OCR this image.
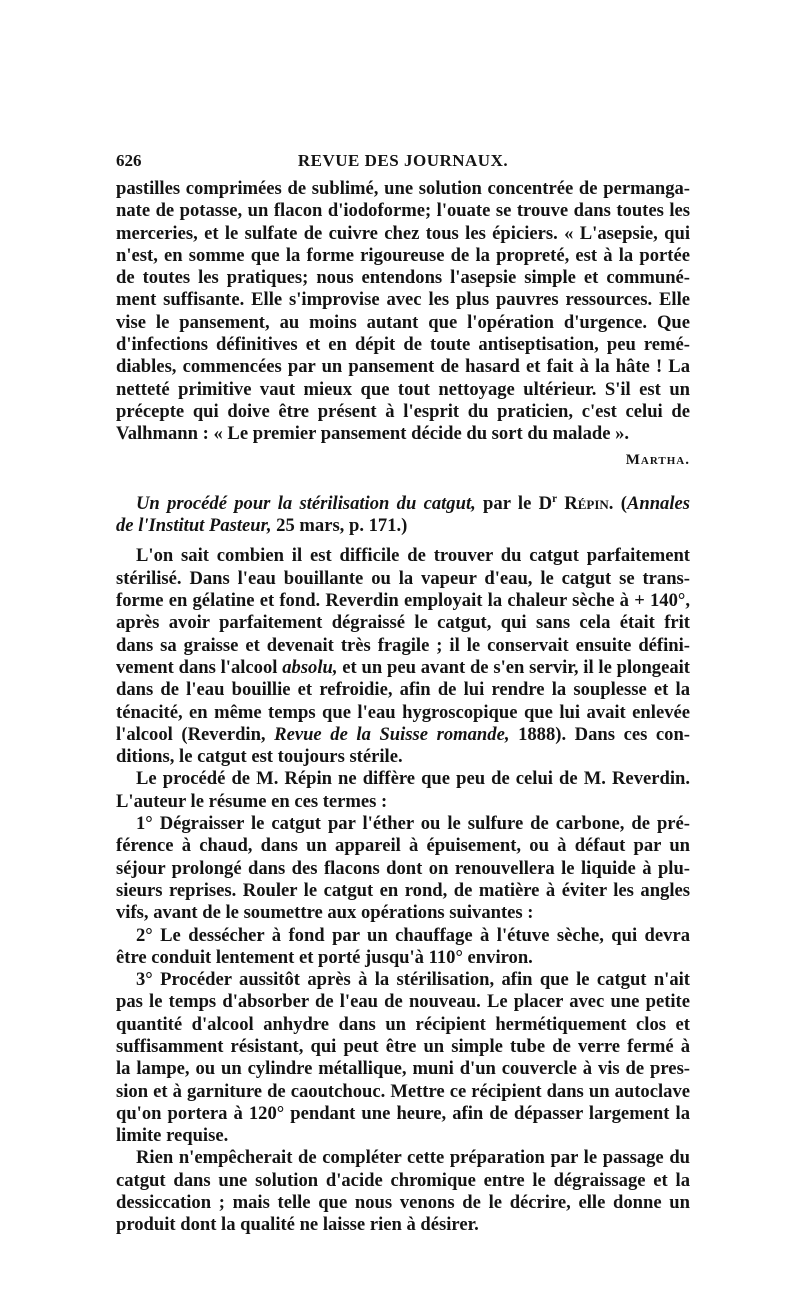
626	REVUE DES JOURNAUX.

pastilles comprimées de sublimé, une solution concentrée de permanga-
nate de potasse, un flacon d'iodoforme; l'ouate se trouve dans toutes les
merceries, et le sulfate de cuivre chez tous les épiciers. « L'asepsie, qui
n'est, en somme que la forme rigoureuse de la propreté, est à la portée
de toutes les pratiques; nous entendons l'asepsie simple et communé-
ment suffisante. Elle s'improvise avec les plus pauvres ressources. Elle
vise le pansement, au moins autant que l'opération d'urgence. Que
d'infections définitives et en dépit de toute antiseptisation, peu remé-
diables, commencées par un pansement de hasard et fait à la hâte ! La
netteté primitive vaut mieux que tout nettoyage ultérieur. S'il est un
précepte qui doive être présent à l'esprit du praticien, c'est celui de
Valhmann : « Le premier pansement décide du sort du malade ».

Martha.
Un procédé pour la stérilisation du catgut, par le $D^r$ Répin. (Annales
de l'Institut Pasteur, 25 mars, p. 171.)

L'on sait combien il est difficile de trouver du catgut parfaitement
stérilisé. Dans l'eau bouillante ou la vapeur d'eau, le catgut se trans-
forme en gélatine et fond. Reverdin employait la chaleur sèche à + 140°,
après avoir parfaitement dégraissé le catgut, qui sans cela était frit
dans sa graisse et devenait très fragile ; il le conservait ensuite défini-
vement dans l'alcool absolu, et un peu avant de s'en servir, il le plongeait
dans de l'eau bouillie et refroidie, afin de lui rendre la souplesse et la
ténacité, en même temps que l'eau hygroscopique que lui avait enlevée
l'alcool (Reverdin, Revue de la Suisse romande, 1888). Dans ces con-
ditions, le catgut est toujours stérile.

Le procédé de M. Répin ne diffère que peu de celui de M. Reverdin.
L'auteur le résume en ces termes :

1° Dégraisser le catgut par l'éther ou le sulfure de carbone, de pré-
férence à chaud, dans un appareil à épuisement, ou à défaut par un
séjour prolongé dans des flacons dont on renouvellera le liquide à plu-
sieurs reprises. Rouler le catgut en rond, de matière à éviter les angles
vifs, avant de le soumettre aux opérations suivantes :

2° Le dessécher à fond par un chauffage à l'étuve sèche, qui devra
être conduit lentement et porté jusqu'à 110° environ.

3° Procéder aussitôt après à la stérilisation, afin que le catgut n'ait
pas le temps d'absorber de l'eau de nouveau. Le placer avec une petite
quantité d'alcool anhydre dans un récipient hermétiquement clos et
suffisamment résistant, qui peut être un simple tube de verre fermé à
la lampe, ou un cylindre métallique, muni d'un couvercle à vis de pres-
sion et à garniture de caoutchouc. Mettre ce récipient dans un autoclave
qu'on portera à 120° pendant une heure, afin de dépasser largement la
limite requise.

Rien n'empêcherait de compléter cette préparation par le passage du
catgut dans une solution d'acide chromique entre le dégraissage et la
dessiccation ; mais telle que nous venons de le décrire, elle donne un
produit dont la qualité ne laisse rien à désirer.
